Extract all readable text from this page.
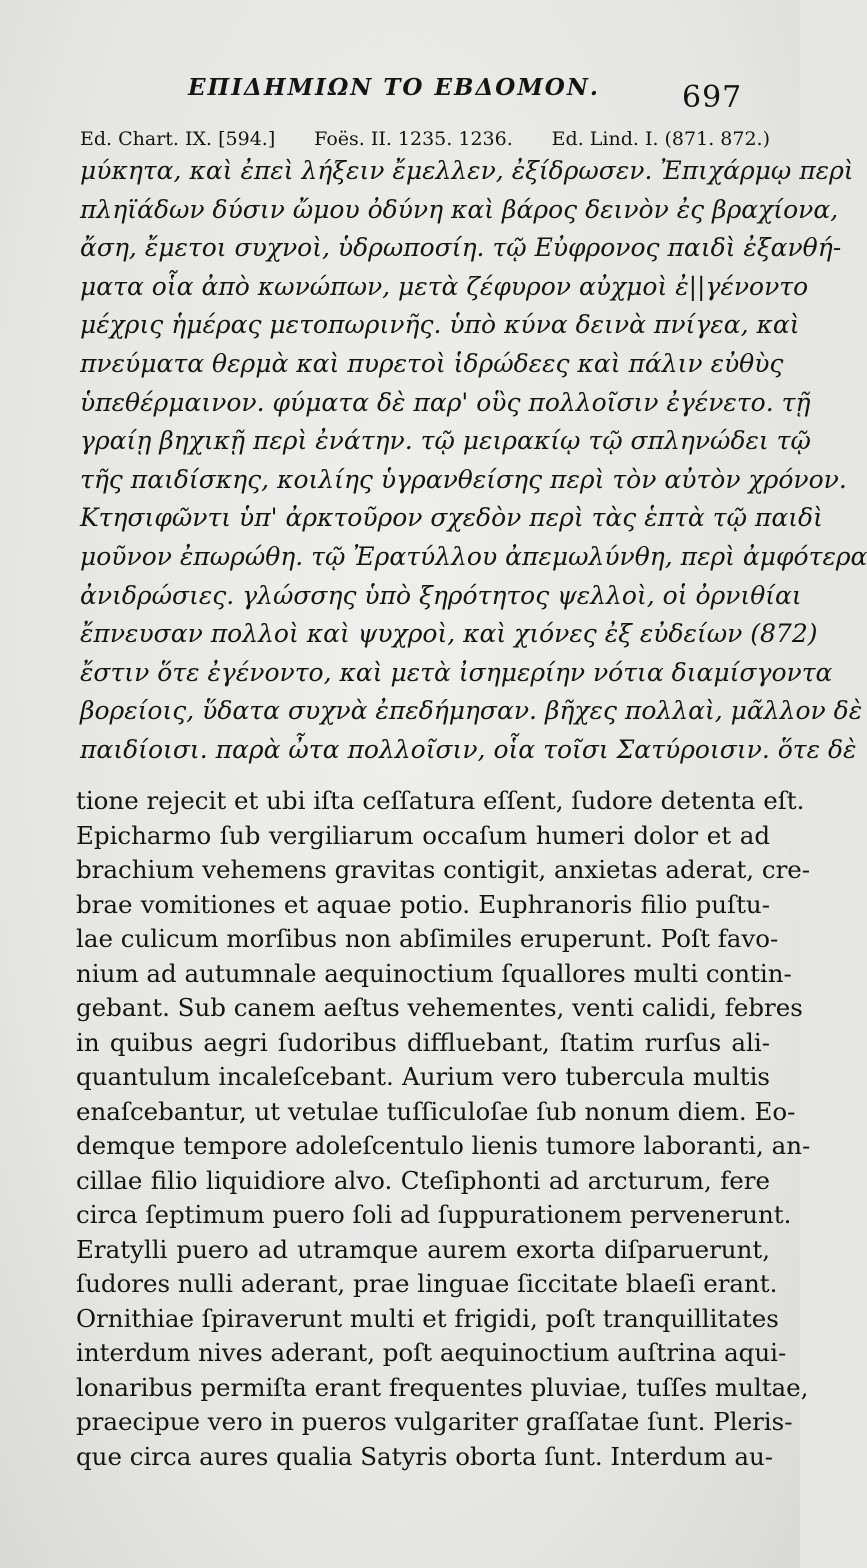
ΕΠΙΔΗΜΙΩΝ ΤΟ ΕΒΔΟΜΟΝ.	697
Ed. Chart. IX. [594.] Foës. II. 1235. 1236. Ed. Lind. I. (871. 872.)
μύκητα, καὶ ἐπεὶ λήξειν ἔμελλεν, ἐξίδρωσεν. Ἐπιχάρμῳ περὶ
πληϊάδων δύσιν ὤμου ὀδύνη καὶ βάρος δεινὸν ἐς βραχίονα,
ἄση, ἔμετοι συχνοὶ, ὑδρωποσίη. τῷ Εὐφρονος παιδὶ ἐξανθή-
ματα οἷα ἀπὸ κωνώπων, μετὰ ζέφυρον αὐχμοὶ ἐ||γένοντο
μέχρις ἡμέρας μετοπωρινῆς. ὑπὸ κύνα δεινὰ πνίγεα, καὶ
πνεύματα θερμὰ καὶ πυρετοὶ ἱδρώδεες καὶ πάλιν εὐθὺς
ὑπεθέρμαινον. φύματα δὲ παρ' οὓς πολλοῖσιν ἐγένετο. τῇ
γραίῃ βηχικῇ περὶ ἐνάτην. τῷ μειρακίῳ τῷ σπληνώδει τῷ
τῆς παιδίσκης, κοιλίης ὑγρανθείσης περὶ τὸν αὐτὸν χρόνον.
Κτησιφῶντι ὑπ' ἀρκτοῦρον σχεδὸν περὶ τὰς ἑπτὰ τῷ παιδὶ
μοῦνον ἐπωρώθη. τῷ Ἐρατύλλου ἀπεμωλύνθη, περὶ ἀμφότερα
ἀνιδρώσιες. γλώσσης ὑπὸ ξηρότητος ψελλοὶ, οἱ ὀρνιθίαι
ἔπνευσαν πολλοὶ καὶ ψυχροὶ, καὶ χιόνες ἐξ εὐδείων (872)
ἔστιν ὅτε ἐγένοντο, καὶ μετὰ ἰσημερίην νότια διαμίσγοντα
βορείοις, ὕδατα συχνὰ ἐπεδήμησαν. βῆχες πολλαὶ, μᾶλλον δὲ
παιδίοισι. παρὰ ὦτα πολλοῖσιν, οἷα τοῖσι Σατύροισιν. ὅτε δὲ
tione rejecit et ubi iſta ceſſatura eſſent, ſudore detenta eſt.
Epicharmo ſub vergiliarum occaſum humeri dolor et ad
brachium vehemens gravitas contigit, anxietas aderat, cre-
brae vomitiones et aquae potio. Euphranoris filio puſtu-
lae culicum morſibus non abſimiles eruperunt. Poſt favo-
nium ad autumnale aequinoctium ſquallores multi contin-
gebant. Sub canem aeſtus vehementes, venti calidi, febres
in quibus aegri ſudoribus diffluebant, ſtatim rurſus ali-
quantulum incaleſcebant. Aurium vero tubercula multis
enaſcebantur, ut vetulae tuſſiculoſae ſub nonum diem. Eo-
demque tempore adoleſcentulo lienis tumore laboranti, an-
cillae filio liquidiore alvo. Cteſiphonti ad arcturum, fere
circa ſeptimum puero ſoli ad ſuppurationem pervenerunt.
Eratylli puero ad utramque aurem exorta diſparuerunt,
ſudores nulli aderant, prae linguae ſiccitate blaeſi erant.
Ornithiae ſpiraverunt multi et frigidi, poſt tranquillitates
interdum nives aderant, poſt aequinoctium auſtrina aqui-
lonaribus permiſta erant frequentes pluviae, tuſſes multae,
praecipue vero in pueros vulgariter graſſatae ſunt. Pleris-
que circa aures qualia Satyris oborta ſunt. Interdum au-
